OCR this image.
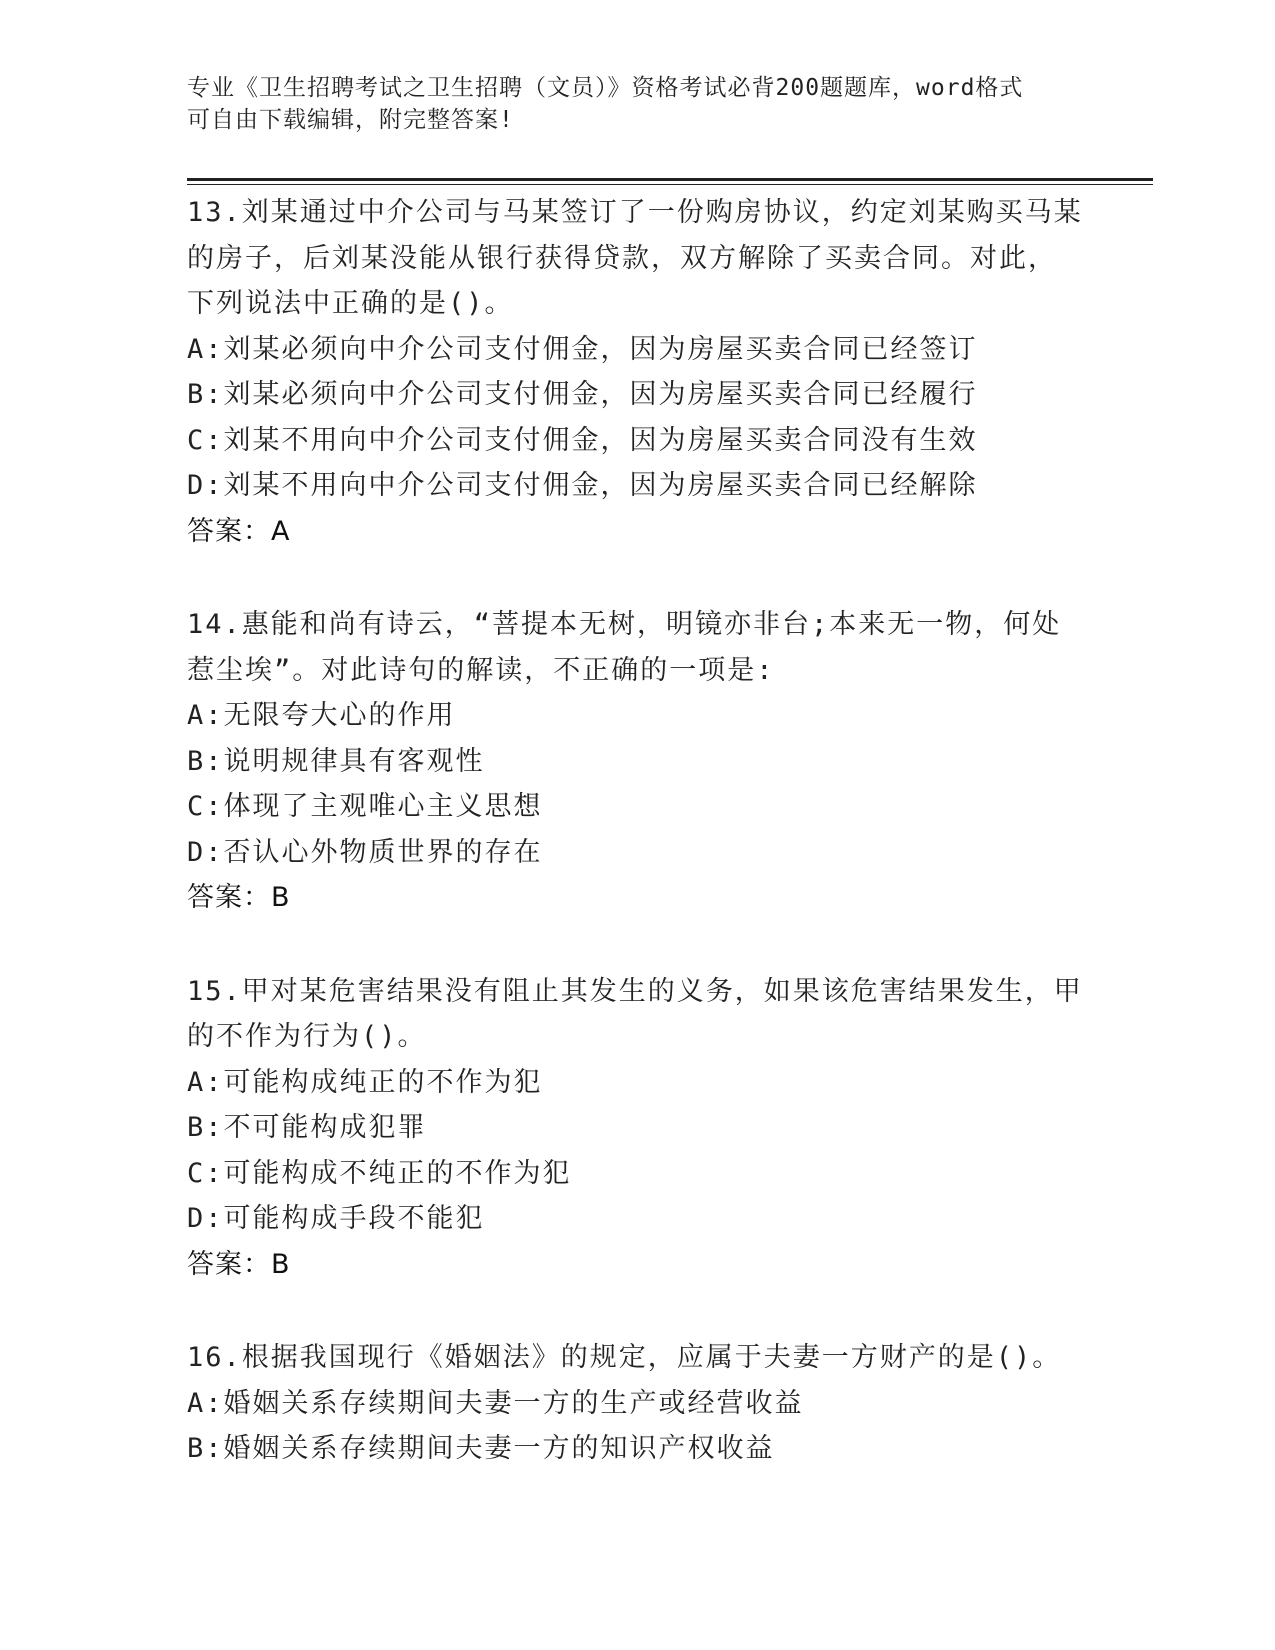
专业《卫生招聘考试之卫生招聘（文员）》资格考试必背200题题库，word格式
可自由下载编辑，附完整答案!
13.刘某通过中介公司与马某签订了一份购房协议，约定刘某购买马某
的房子，后刘某没能从银行获得贷款，双方解除了买卖合同。对此，
下列说法中正确的是()。
A:刘某必须向中介公司支付佣金，因为房屋买卖合同已经签订
B:刘某必须向中介公司支付佣金，因为房屋买卖合同已经履行
C:刘某不用向中介公司支付佣金，因为房屋买卖合同没有生效
D:刘某不用向中介公司支付佣金，因为房屋买卖合同已经解除
答案：A
14.惠能和尚有诗云，“菩提本无树，明镜亦非台;本来无一物，何处
惹尘埃”。对此诗句的解读，不正确的一项是:
A:无限夸大心的作用
B:说明规律具有客观性
C:体现了主观唯心主义思想
D:否认心外物质世界的存在
答案：B
15.甲对某危害结果没有阻止其发生的义务，如果该危害结果发生，甲
的不作为行为()。
A:可能构成纯正的不作为犯
B:不可能构成犯罪
C:可能构成不纯正的不作为犯
D:可能构成手段不能犯
答案：B
16.根据我国现行《婚姻法》的规定，应属于夫妻一方财产的是()。
A:婚姻关系存续期间夫妻一方的生产或经营收益
B:婚姻关系存续期间夫妻一方的知识产权收益
